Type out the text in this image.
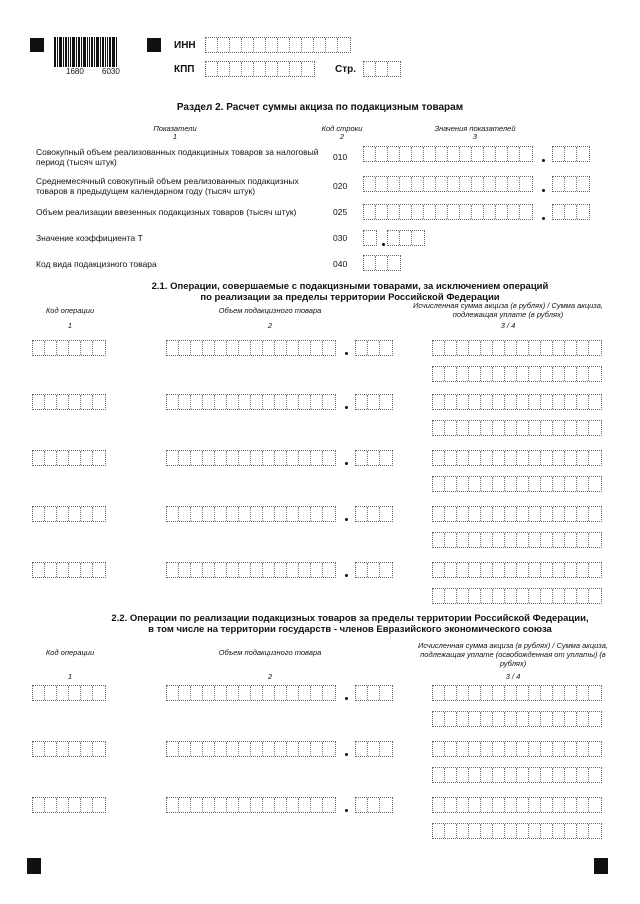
1680 6030
ИНН
КПП	Стр.
Раздел 2. Расчет суммы акциза по подакцизным товарам
Показатели
1
Код строки
2
Значения показателей
3
Совокупный объем реализованных подакцизных товаров за налоговый период (тысяч штук)	010
Среднемесячный совокупный объем реализованных подакцизных товаров в предыдущем календарном году (тысяч штук)	020
Объем реализации ввезенных подакцизных товаров (тысяч штук)	025
Значение коэффициента Т	030
Код вида подакцизного товара	040
2.1. Операции, совершаемые с подакцизными товарами, за исключением операций по реализации за пределы территории Российской Федерации
Код операции	Объем подакцизного товара
Исчисленная сумма акциза (в рублях) / Сумма акциза, подлежащая уплате (в рублях)
1	2	3 / 4
2.2. Операции по реализации подакцизных товаров за пределы территории Российской Федерации, в том числе на территории государств - членов Евразийского экономического союза
Код операции	Объем подакцизного товара
Исчисленная сумма акциза (в рублях) / Сумма акциза, подлежащая уплате (освобожденная от уплаты) (в рублях)
1	2	3 / 4
